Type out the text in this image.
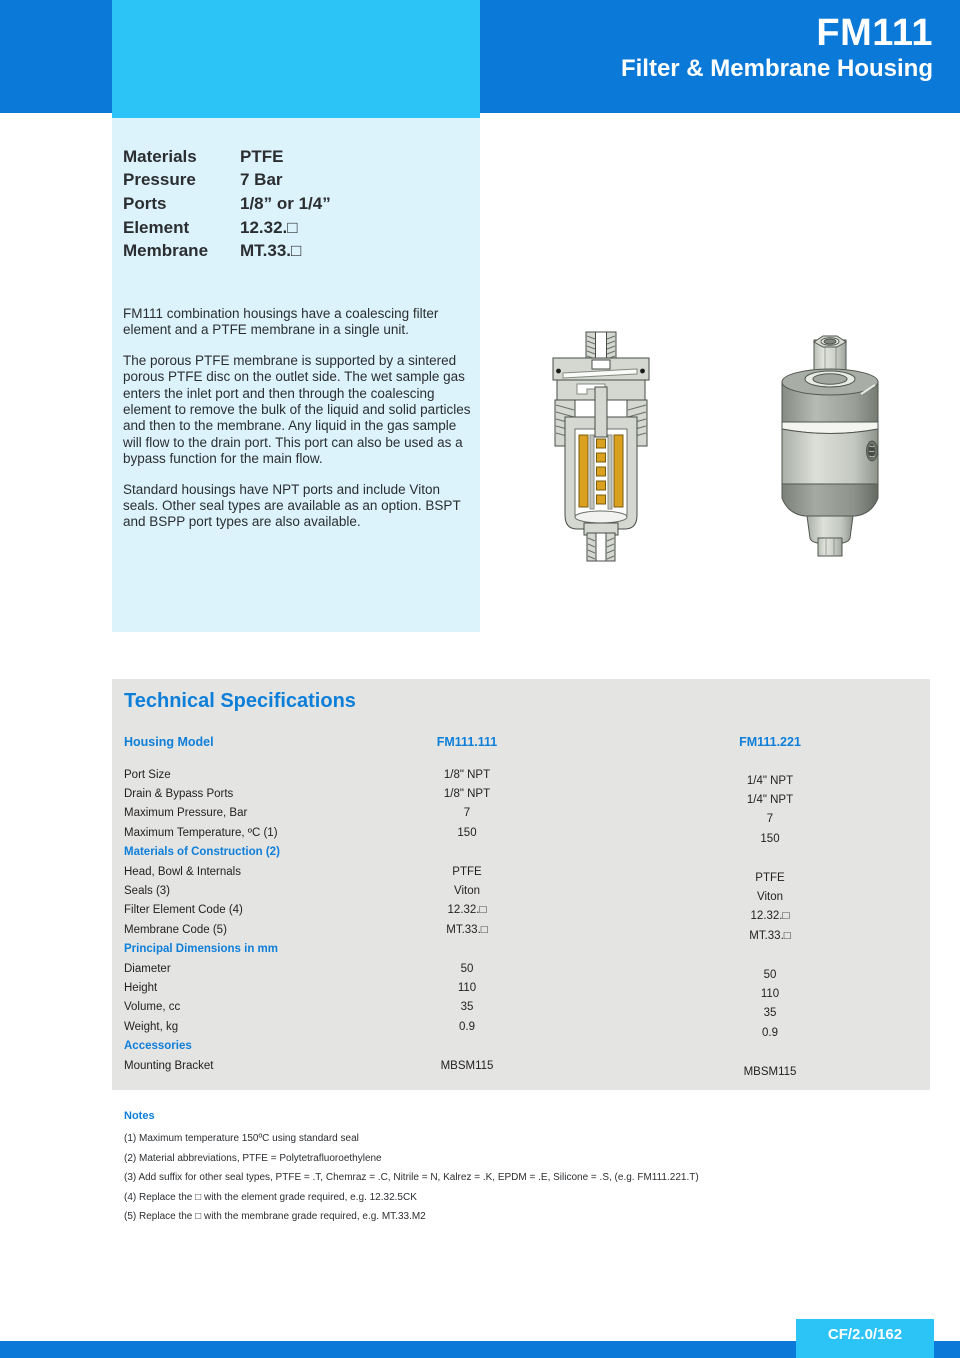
FM111
Filter & Membrane Housing
Materials	PTFE
Pressure	7 Bar
Ports	1/8” or 1/4”
Element	12.32.□
Membrane	MT.33.□

FM111 combination housings have a coalescing filter element and a PTFE membrane in a single unit.

The porous PTFE membrane is supported by a sintered porous PTFE disc on the outlet side. The wet sample gas enters the inlet port and then through the coalescing element to remove the bulk of the liquid and solid particles and then to the membrane. Any liquid in the gas sample will flow to the drain port. This port can also be used as a bypass function for the main flow.

Standard housings have NPT ports and include Viton seals. Other seal types are available as an option. BSPT and BSPP port types are also available.

Technical Specifications
Housing Model	FM111.111	FM111.221
Port Size	1/8" NPT	1/4" NPT
Drain & Bypass Ports	1/8" NPT	1/4" NPT
Maximum Pressure, Bar	7	7
Maximum Temperature, ºC (1)	150	150
Materials of Construction (2)
Head, Bowl & Internals	PTFE	PTFE
Seals (3)	Viton	Viton
Filter Element Code (4)	12.32.□	12.32.□
Membrane Code (5)	MT.33.□	MT.33.□
Principal Dimensions in mm
Diameter	50	50
Height	110	110
Volume, cc	35	35
Weight, kg	0.9	0.9
Accessories
Mounting Bracket	MBSM115	MBSM115
Notes
(1) Maximum temperature 150ºC using standard seal
(2) Material abbreviations, PTFE = Polytetrafluoroethylene
(3) Add suffix for other seal types, PTFE = .T, Chemraz = .C, Nitrile = N, Kalrez = .K, EPDM = .E, Silicone = .S, (e.g. FM111.221.T)
(4) Replace the □ with the element grade required, e.g. 12.32.5CK
(5) Replace the □ with the membrane grade required, e.g. MT.33.M2
CF/2.0/162
